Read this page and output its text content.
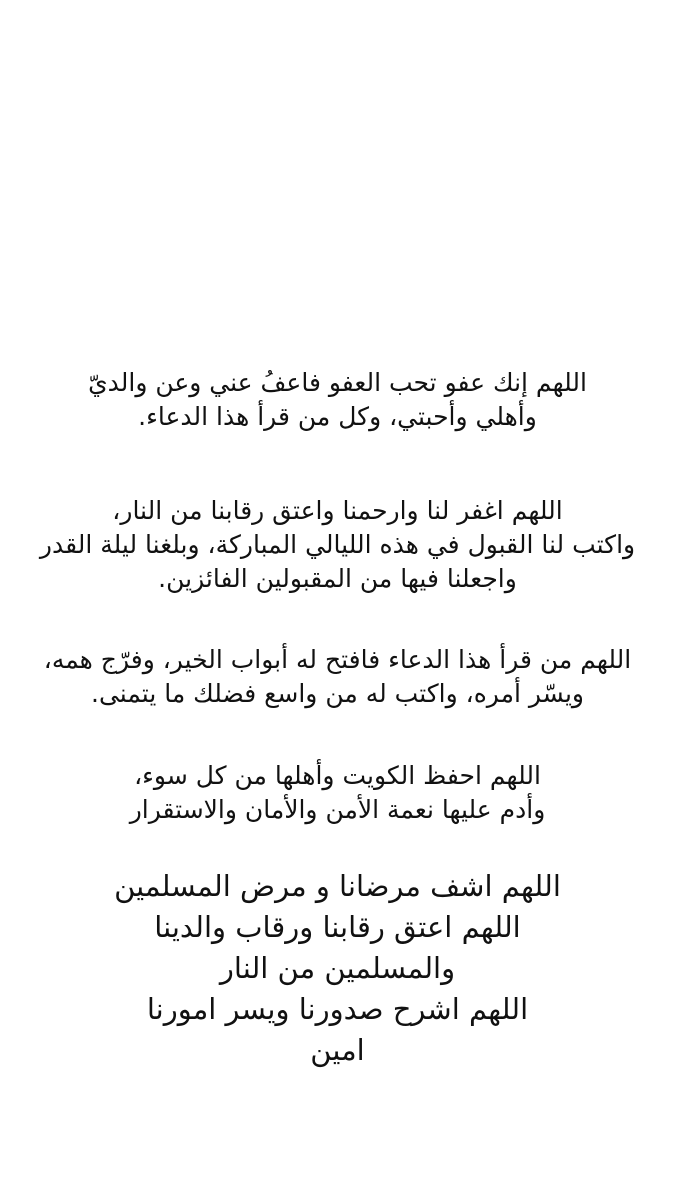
اللهم إنك عفو تحب العفو فاعفُ عني وعن والديّ
وأهلي وأحبتي، وكل من قرأ هذا الدعاء.
اللهم اغفر لنا وارحمنا واعتق رقابنا من النار،
واكتب لنا القبول في هذه الليالي المباركة، وبلغنا ليلة القدر
واجعلنا فيها من المقبولين الفائزين.
اللهم من قرأ هذا الدعاء فافتح له أبواب الخير، وفرّج همه،
ويسّر أمره، واكتب له من واسع فضلك ما يتمنى.
اللهم احفظ الكويت وأهلها من كل سوء،
وأدم عليها نعمة الأمن والأمان والاستقرار
اللهم اشف مرضانا و مرض المسلمين
اللهم اعتق رقابنا ورقاب والدينا
والمسلمين من النار
اللهم اشرح صدورنا ويسر امورنا
امين
